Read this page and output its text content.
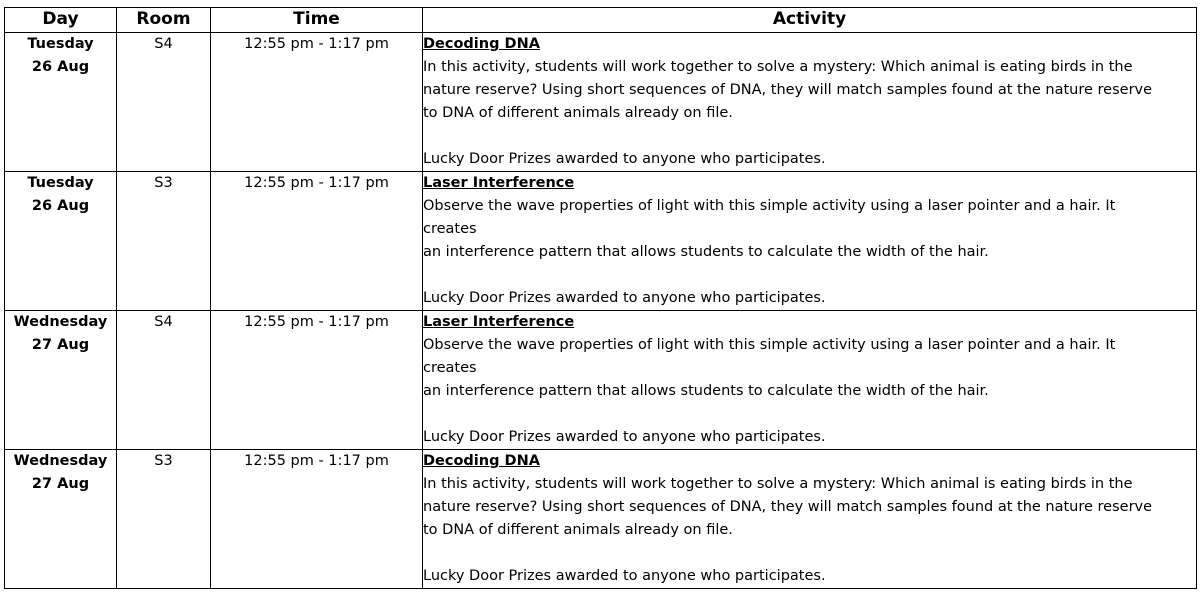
Day	Room	Time	Activity

Tuesday
26 Aug	S4	12:55 pm - 1:17 pm	Decoding DNA
In this activity, students will work together to solve a mystery: Which animal is eating birds in the
nature reserve? Using short sequences of DNA, they will match samples found at the nature reserve
to DNA of different animals already on file.
Lucky Door Prizes awarded to anyone who participates.

Tuesday
26 Aug	S3	12:55 pm - 1:17 pm	Laser Interference
Observe the wave properties of light with this simple activity using a laser pointer and a hair. It
creates
an interference pattern that allows students to calculate the width of the hair.
Lucky Door Prizes awarded to anyone who participates.

Wednesday
27 Aug	S4	12:55 pm - 1:17 pm	Laser Interference
Observe the wave properties of light with this simple activity using a laser pointer and a hair. It
creates
an interference pattern that allows students to calculate the width of the hair.
Lucky Door Prizes awarded to anyone who participates.

Wednesday
27 Aug	S3	12:55 pm - 1:17 pm	Decoding DNA
In this activity, students will work together to solve a mystery: Which animal is eating birds in the
nature reserve? Using short sequences of DNA, they will match samples found at the nature reserve
to DNA of different animals already on file.
Lucky Door Prizes awarded to anyone who participates.
